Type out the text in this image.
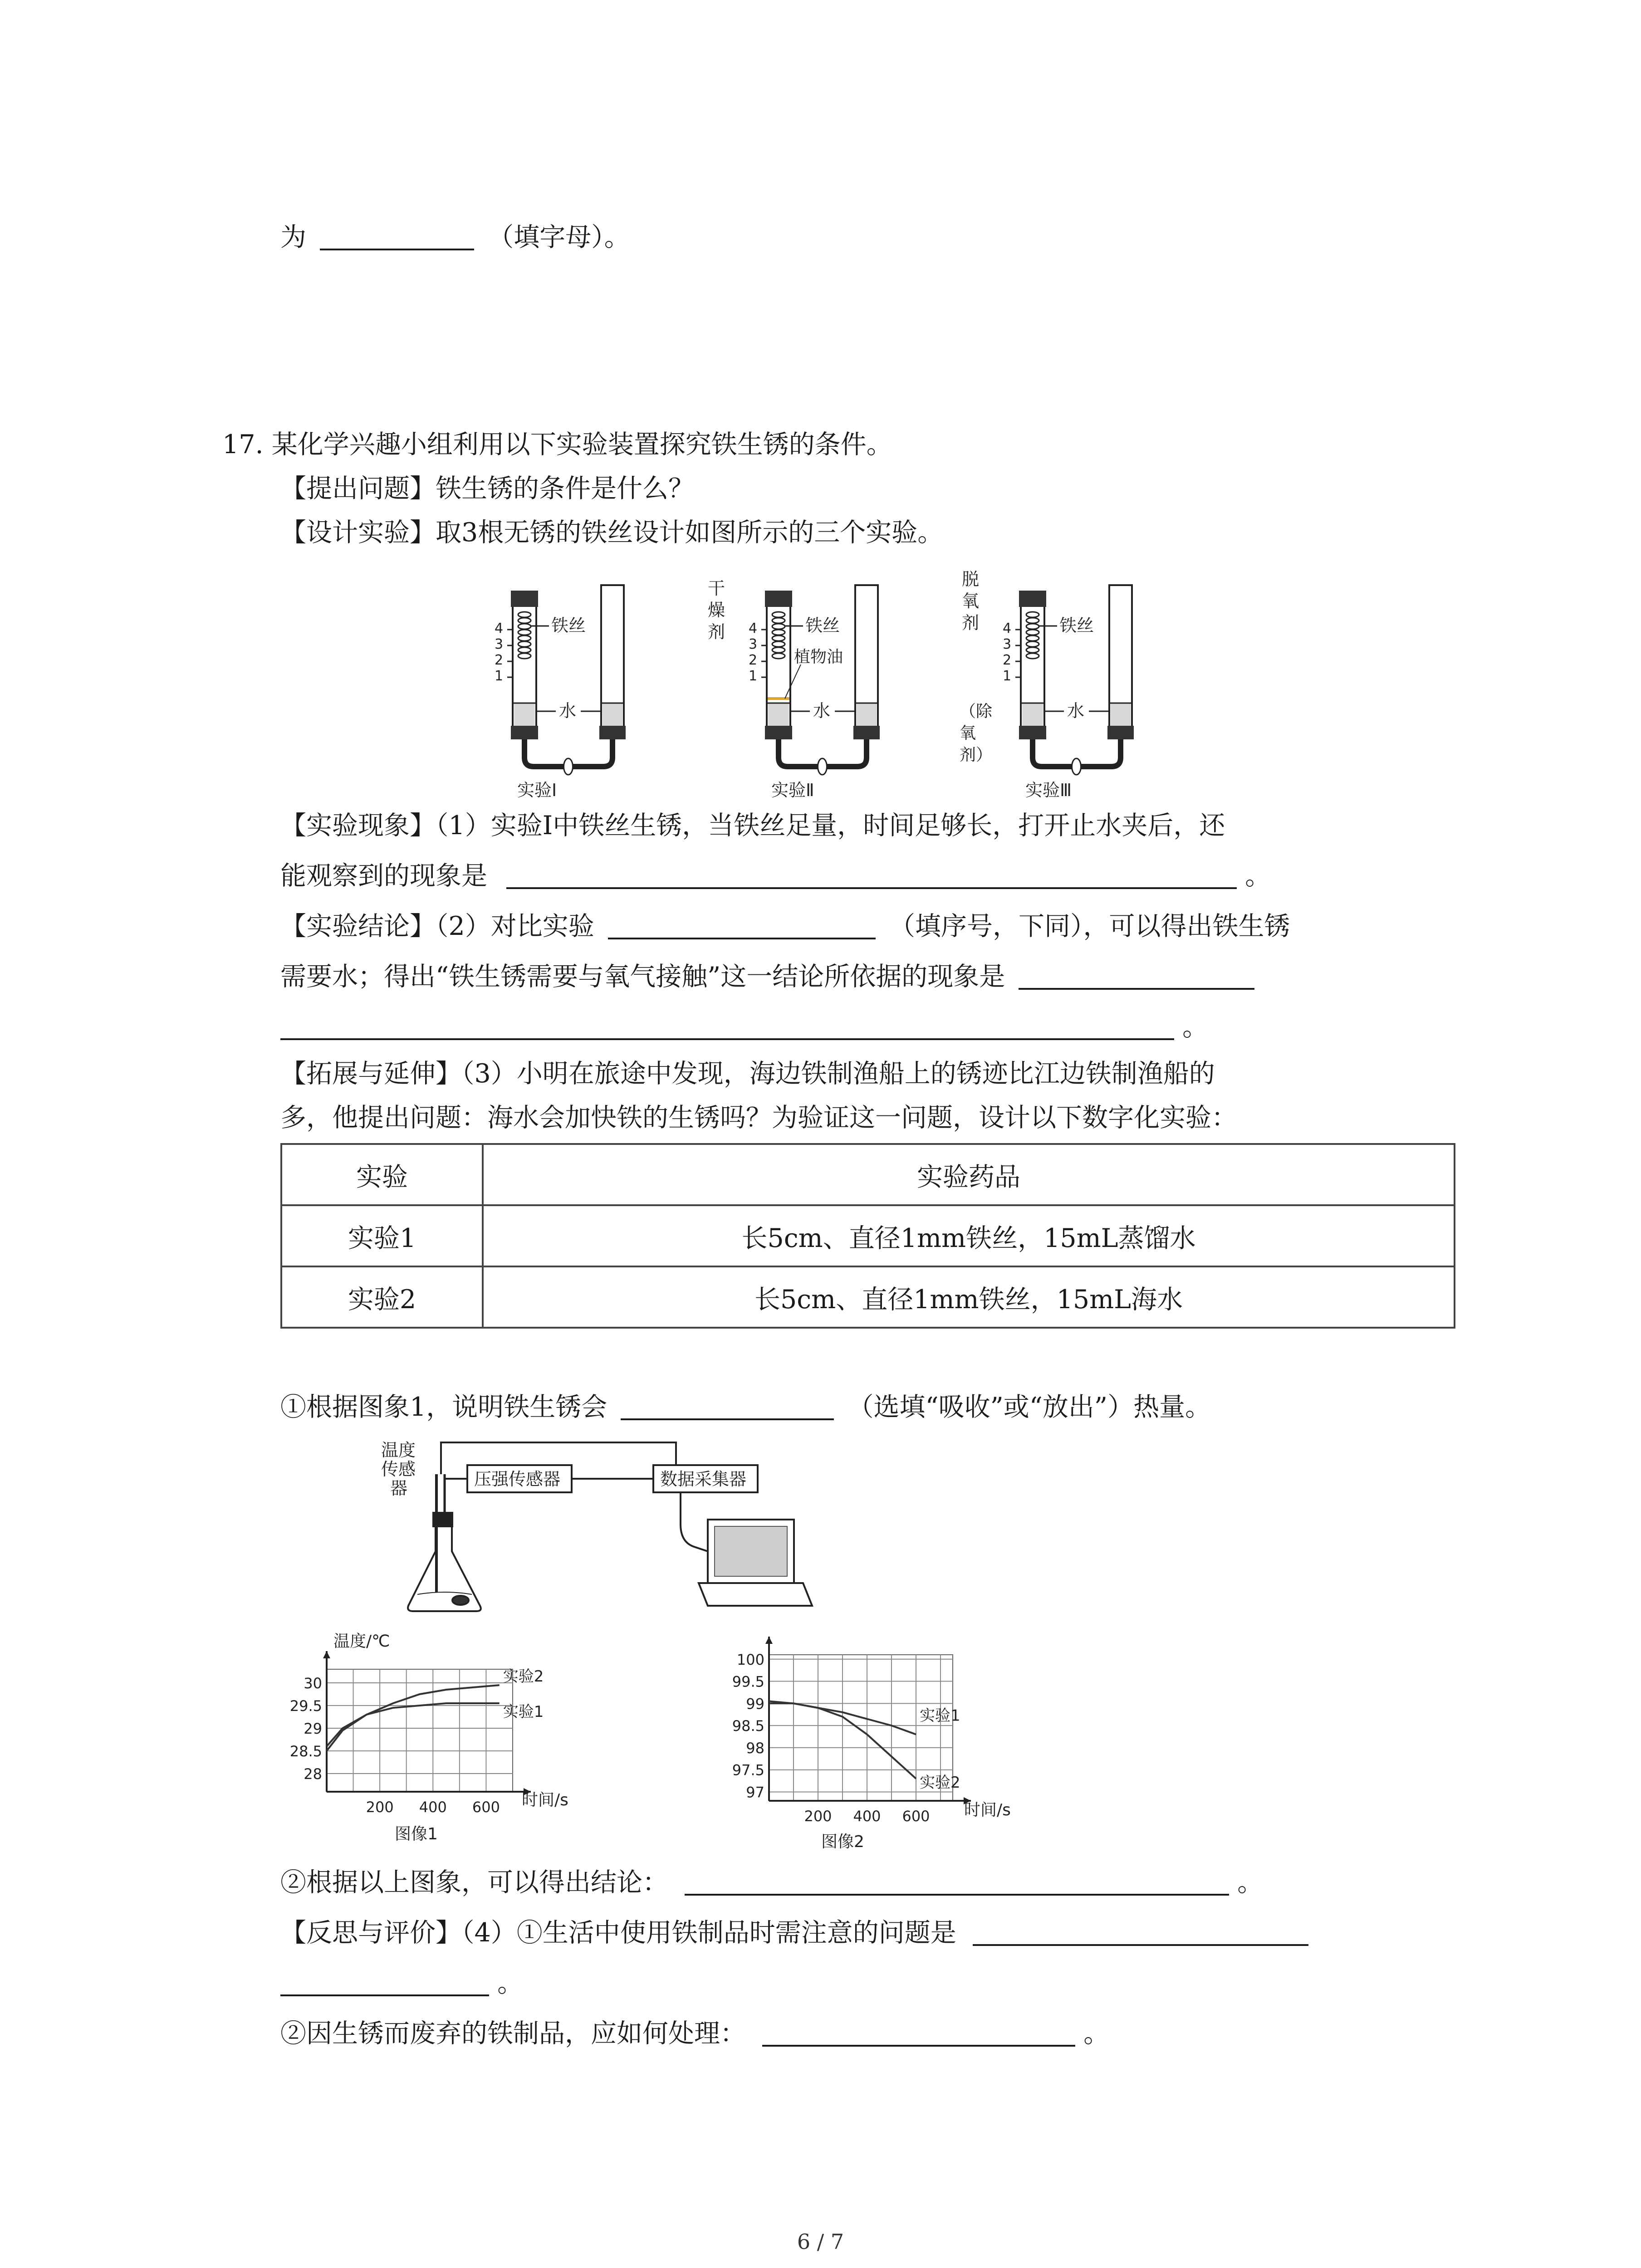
为	（填字母）。
17. 某化学兴趣小组利用以下实验装置探究铁生锈的条件。
【提出问题】铁生锈的条件是什么？
【设计实验】取3根无锈的铁丝设计如图所示的三个实验。
实验Ⅰ
4
3
2
1
铁丝
水
实验Ⅱ
干
燥
剂 4
3
2
1
铁丝
植物油
水
实验Ⅲ
脱
氧
剂
（除
氧
剂）
4
3
2
1
铁丝
水
【实验现象】（1）实验Ⅰ中铁丝生锈，当铁丝足量，时间足够长，打开止水夹后，还
能观察到的现象是	。
【实验结论】（2）对比实验	（填序号，下同），可以得出铁生锈
需要水；得出“铁生锈需要与氧气接触”这一结论所依据的现象是
。
【拓展与延伸】（3）小明在旅途中发现，海边铁制渔船上的锈迹比江边铁制渔船的
多，他提出问题：海水会加快铁的生锈吗？为验证这一问题，设计以下数字化实验：
实验	实验药品
实验1	长5cm、直径1mm铁丝，15mL蒸馏水
实验2	长5cm、直径1mm铁丝，15mL海水
①根据图象1，说明铁生锈会	（选填“吸收”或“放出”）热量。
温度
传感
器	压强传感器	数据采集器
温度/℃
28
28.5
29
29.5
30
200 400 600
实验2
实验1
时间/s
图像1
97
97.5
98
98.5
99
99.5
100
200 400 600
实验1
实验2
时间/s
图像2
②根据以上图象，可以得出结论：	。
【反思与评价】（4）①生活中使用铁制品时需注意的问题是
。
②因生锈而废弃的铁制品，应如何处理：	。
6 / 7
